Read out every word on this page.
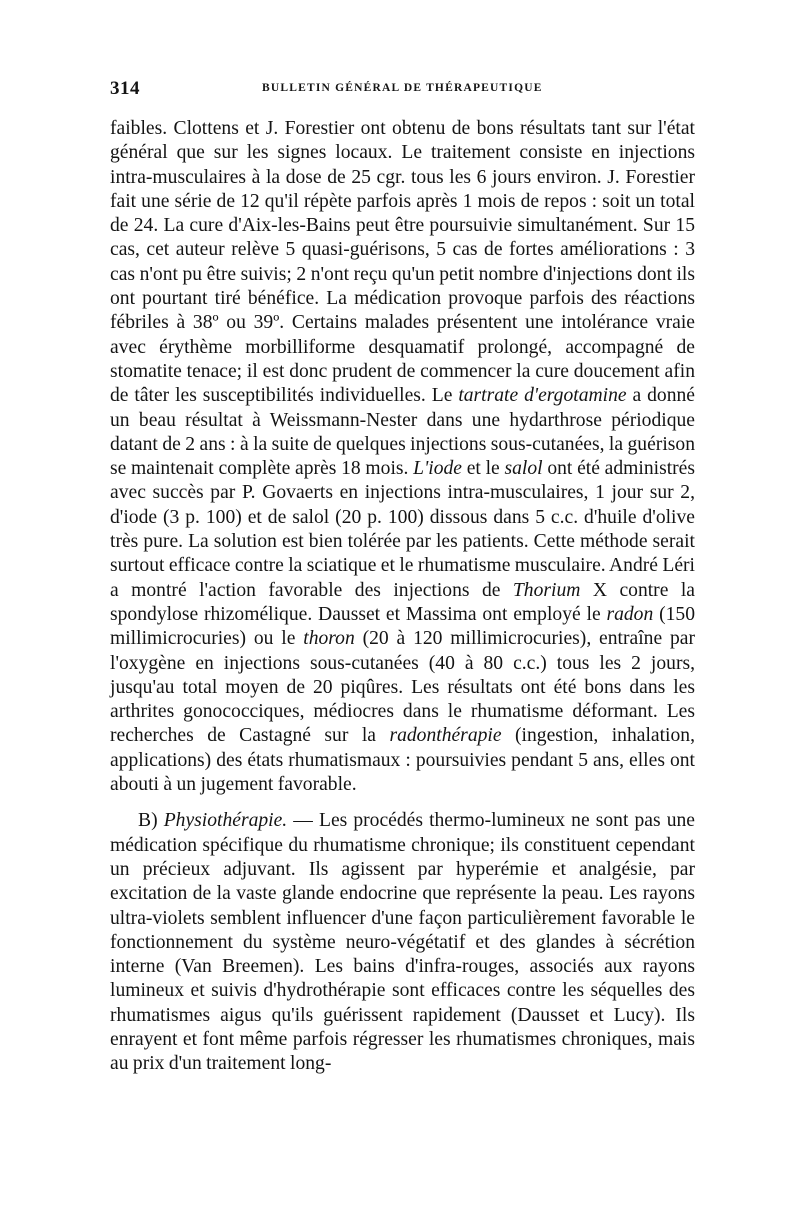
314	BULLETIN GÉNÉRAL DE THÉRAPEUTIQUE

faibles. Clottens et J. Forestier ont obtenu de bons résultats tant sur l'état général que sur les signes locaux. Le traitement consiste en injections intra-musculaires à la dose de 25 cgr. tous les 6 jours environ. J. Forestier fait une série de 12 qu'il répète parfois après 1 mois de repos : soit un total de 24. La cure d'Aix-les-Bains peut être poursuivie simultanément. Sur 15 cas, cet auteur relève 5 quasi-guérisons, 5 cas de fortes améliorations : 3 cas n'ont pu être suivis; 2 n'ont reçu qu'un petit nombre d'injections dont ils ont pourtant tiré bénéfice. La médication provoque parfois des réactions fébriles à 38º ou 39º. Certains malades présentent une intolérance vraie avec érythème morbilliforme desquamatif prolongé, accompagné de stomatite tenace; il est donc prudent de commencer la cure doucement afin de tâter les susceptibilités individuelles. Le tartrate d'ergotamine a donné un beau résultat à Weissmann-Nester dans une hydarthrose périodique datant de 2 ans : à la suite de quelques injections sous-cutanées, la guérison se maintenait complète après 18 mois. L'iode et le salol ont été administrés avec succès par P. Govaerts en injections intra-musculaires, 1 jour sur 2, d'iode (3 p. 100) et de salol (20 p. 100) dissous dans 5 c.c. d'huile d'olive très pure. La solution est bien tolérée par les patients. Cette méthode serait surtout efficace contre la sciatique et le rhumatisme musculaire. André Léri a montré l'action favorable des injections de Thorium X contre la spondylose rhizomélique. Dausset et Massima ont employé le radon (150 millimicrocuries) ou le thoron (20 à 120 millimicrocuries), entraîne par l'oxygène en injections sous-cutanées (40 à 80 c.c.) tous les 2 jours, jusqu'au total moyen de 20 piqûres. Les résultats ont été bons dans les arthrites gonococciques, médiocres dans le rhumatisme déformant. Les recherches de Castagné sur la radonthérapie (ingestion, inhalation, applications) des états rhumatismaux : poursuivies pendant 5 ans, elles ont abouti à un jugement favorable.

B) Physiothérapie. — Les procédés thermo-lumineux ne sont pas une médication spécifique du rhumatisme chronique; ils constituent cependant un précieux adjuvant. Ils agissent par hyperémie et analgésie, par excitation de la vaste glande endocrine que représente la peau. Les rayons ultra-violets semblent influencer d'une façon particulièrement favorable le fonctionnement du système neuro-végétatif et des glandes à sécrétion interne (Van Breemen). Les bains d'infra-rouges, associés aux rayons lumineux et suivis d'hydrothérapie sont efficaces contre les séquelles des rhumatismes aigus qu'ils guérissent rapidement (Dausset et Lucy). Ils enrayent et font même parfois régresser les rhumatismes chroniques, mais au prix d'un traitement long-
